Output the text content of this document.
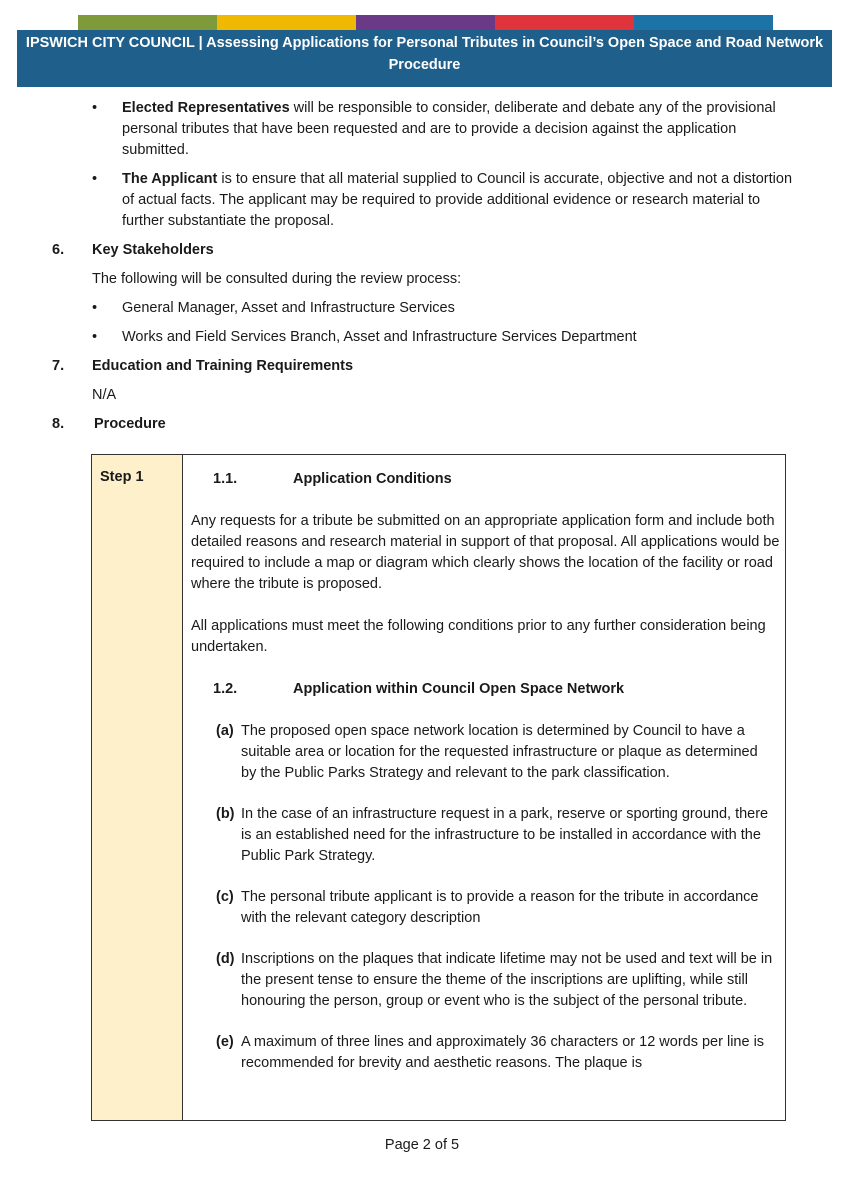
IPSWICH CITY COUNCIL | Assessing Applications for Personal Tributes in Council’s Open Space and Road Network Procedure
• Elected Representatives will be responsible to consider, deliberate and debate any of the provisional personal tributes that have been requested and are to provide a decision against the application submitted.
• The Applicant is to ensure that all material supplied to Council is accurate, objective and not a distortion of actual facts. The applicant may be required to provide additional evidence or research material to further substantiate the proposal.
6. Key Stakeholders
The following will be consulted during the review process:
• General Manager, Asset and Infrastructure Services
• Works and Field Services Branch, Asset and Infrastructure Services Department
7. Education and Training Requirements
N/A
8. Procedure
Step 1	1.1.	Application Conditions
Any requests for a tribute be submitted on an appropriate application form and include both detailed reasons and research material in support of that proposal. All applications would be required to include a map or diagram which clearly shows the location of the facility or road where the tribute is proposed.
All applications must meet the following conditions prior to any further consideration being undertaken.
1.2.	Application within Council Open Space Network
(a) The proposed open space network location is determined by Council to have a suitable area or location for the requested infrastructure or plaque as determined by the Public Parks Strategy and relevant to the park classification.
(b) In the case of an infrastructure request in a park, reserve or sporting ground, there is an established need for the infrastructure to be installed in accordance with the Public Park Strategy.
(c) The personal tribute applicant is to provide a reason for the tribute in accordance with the relevant category description
(d) Inscriptions on the plaques that indicate lifetime may not be used and text will be in the present tense to ensure the theme of the inscriptions are uplifting, while still honouring the person, group or event who is the subject of the personal tribute.
(e) A maximum of three lines and approximately 36 characters or 12 words per line is recommended for brevity and aesthetic reasons. The plaque is
Page 2 of 5
